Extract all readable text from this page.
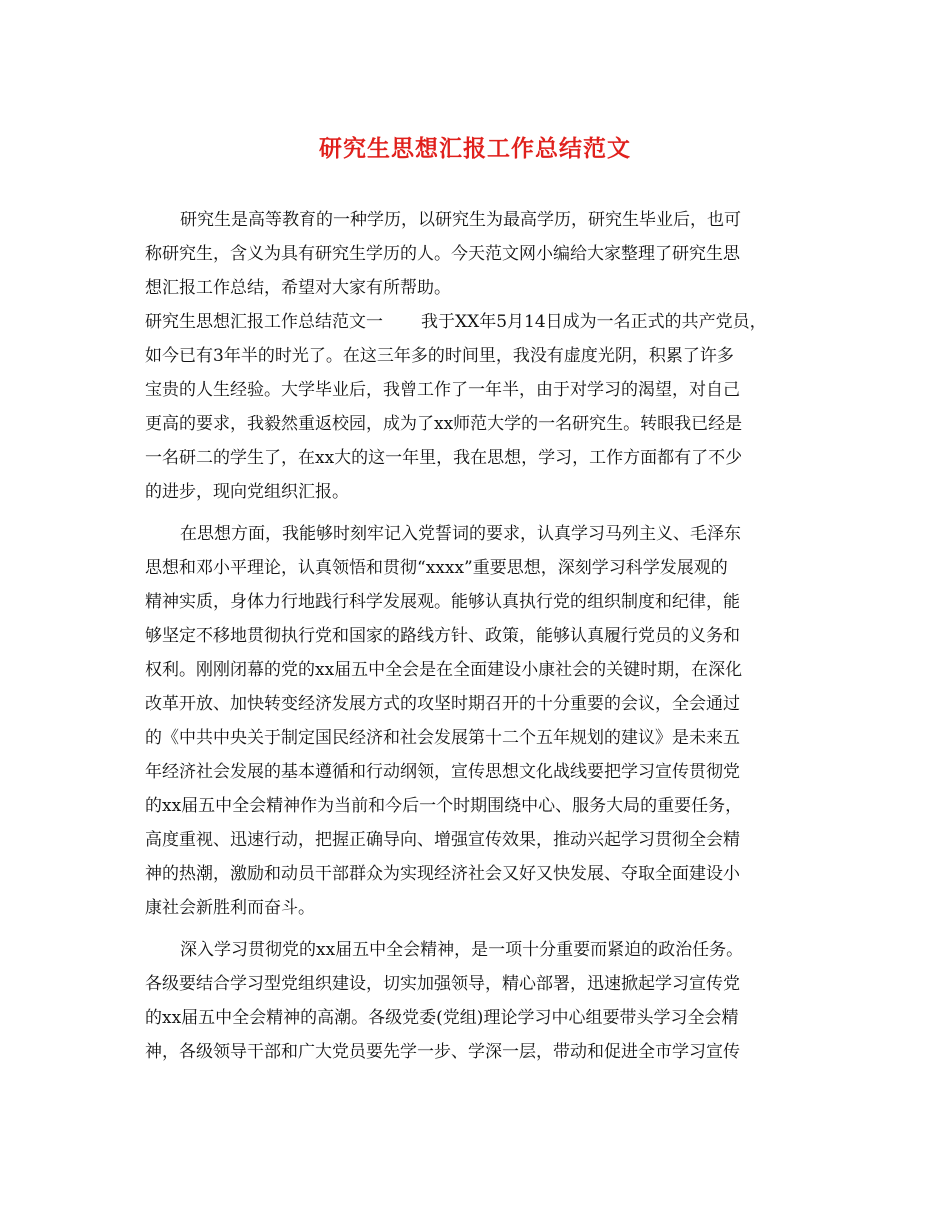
研究生思想汇报工作总结范文

研究生是高等教育的一种学历，以研究生为最高学历，研究生毕业后，也可

称研究生，含义为具有研究生学历的人。今天范文网小编给大家整理了研究生思

想汇报工作总结，希望对大家有所帮助。

研究生思想汇报工作总结范文一 我于XX年5月14日成为一名正式的共产党员，

如今已有3年半的时光了。在这三年多的时间里，我没有虚度光阴，积累了许多

宝贵的人生经验。大学毕业后，我曾工作了一年半，由于对学习的渴望，对自己

更高的要求，我毅然重返校园，成为了xx师范大学的一名研究生。转眼我已经是

一名研二的学生了，在xx大的这一年里，我在思想，学习，工作方面都有了不少

的进步，现向党组织汇报。

在思想方面，我能够时刻牢记入党誓词的要求，认真学习马列主义、毛泽东

思想和邓小平理论，认真领悟和贯彻“xxxx”重要思想，深刻学习科学发展观的

精神实质，身体力行地践行科学发展观。能够认真执行党的组织制度和纪律，能

够坚定不移地贯彻执行党和国家的路线方针、政策，能够认真履行党员的义务和

权利。刚刚闭幕的党的xx届五中全会是在全面建设小康社会的关键时期，在深化

改革开放、加快转变经济发展方式的攻坚时期召开的十分重要的会议，全会通过

的《中共中央关于制定国民经济和社会发展第十二个五年规划的建议》是未来五

年经济社会发展的基本遵循和行动纲领，宣传思想文化战线要把学习宣传贯彻党

的xx届五中全会精神作为当前和今后一个时期围绕中心、服务大局的重要任务，

高度重视、迅速行动，把握正确导向、增强宣传效果，推动兴起学习贯彻全会精

神的热潮，激励和动员干部群众为实现经济社会又好又快发展、夺取全面建设小

康社会新胜利而奋斗。

深入学习贯彻党的xx届五中全会精神，是一项十分重要而紧迫的政治任务。

各级要结合学习型党组织建设，切实加强领导，精心部署，迅速掀起学习宣传党

的xx届五中全会精神的高潮。各级党委(党组)理论学习中心组要带头学习全会精

神，各级领导干部和广大党员要先学一步、学深一层，带动和促进全市学习宣传
